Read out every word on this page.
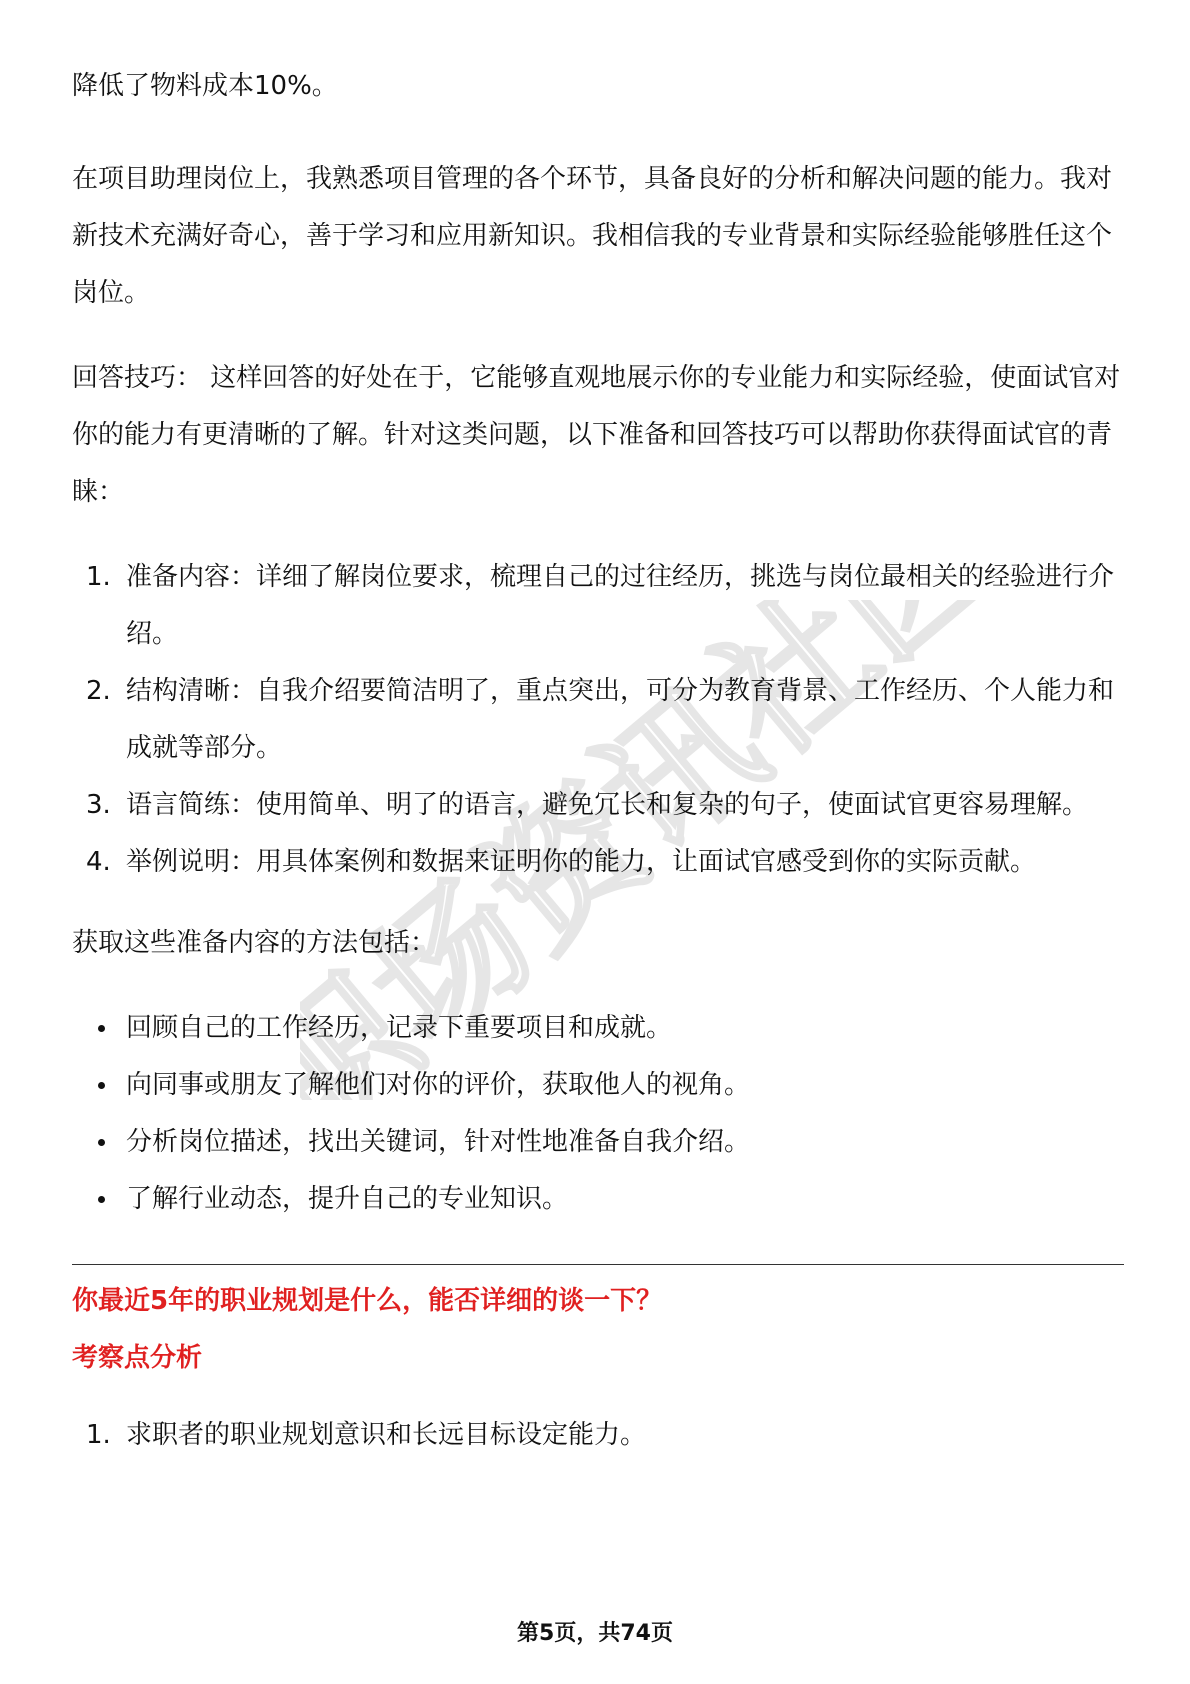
职场资讯社区

降低了物料成本10%。

在项目助理岗位上，我熟悉项目管理的各个环节，具备良好的分析和解决问题的能力。我对新技术充满好奇心，善于学习和应用新知识。我相信我的专业背景和实际经验能够胜任这个岗位。

回答技巧： 这样回答的好处在于，它能够直观地展示你的专业能力和实际经验，使面试官对你的能力有更清晰的了解。针对这类问题，以下准备和回答技巧可以帮助你获得面试官的青睐：

1. 准备内容：详细了解岗位要求，梳理自己的过往经历，挑选与岗位最相关的经验进行介绍。
2. 结构清晰：自我介绍要简洁明了，重点突出，可分为教育背景、工作经历、个人能力和成就等部分。
3. 语言简练：使用简单、明了的语言，避免冗长和复杂的句子，使面试官更容易理解。
4. 举例说明：用具体案例和数据来证明你的能力，让面试官感受到你的实际贡献。

获取这些准备内容的方法包括：

回顾自己的工作经历，记录下重要项目和成就。
向同事或朋友了解他们对你的评价，获取他人的视角。
分析岗位描述，找出关键词，针对性地准备自我介绍。
了解行业动态，提升自己的专业知识。

你最近5年的职业规划是什么，能否详细的谈一下？

考察点分析

1. 求职者的职业规划意识和长远目标设定能力。
第5页，共74页
